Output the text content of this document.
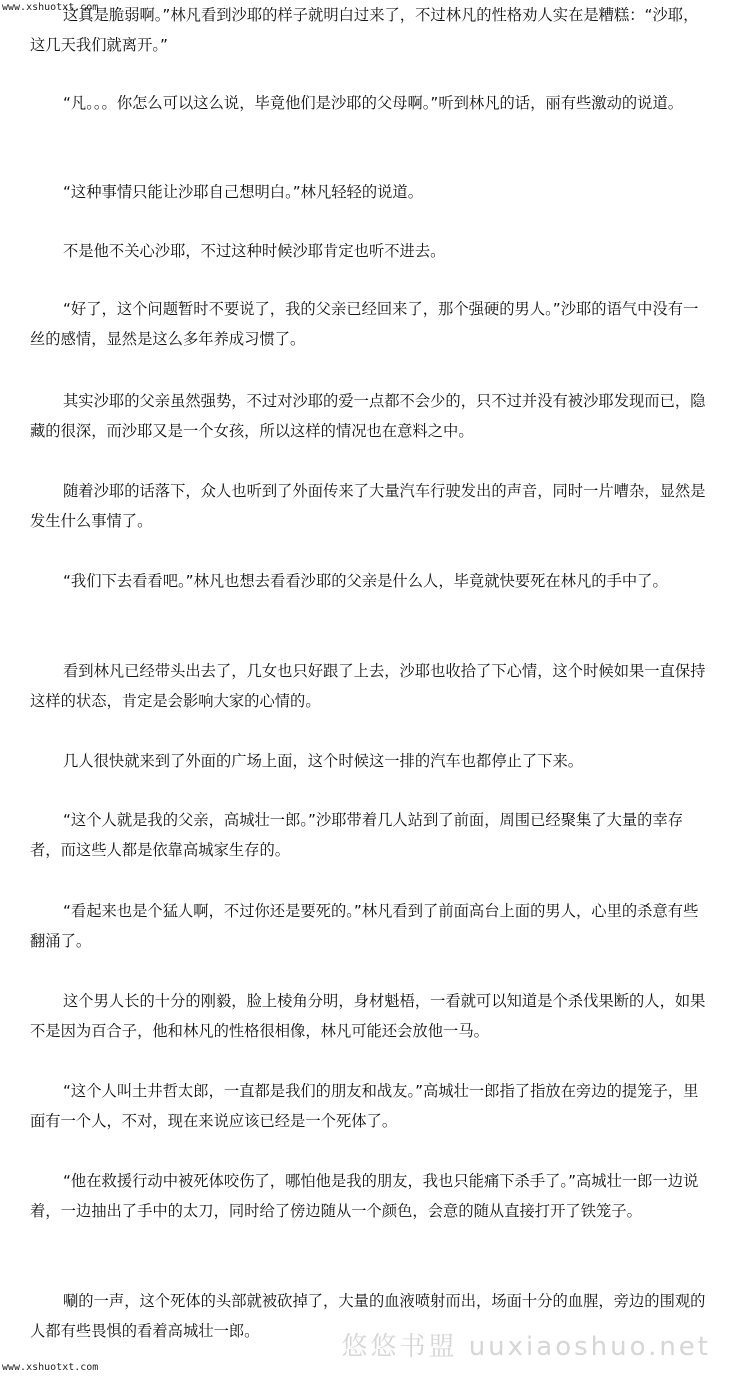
www.xshuotxt.com

这真是脆弱啊。”林凡看到沙耶的样子就明白过来了，不过林凡的性格劝人实在是糟糕：“沙耶，这几天我们就离开。”

“凡。。。你怎么可以这么说，毕竟他们是沙耶的父母啊。”听到林凡的话，丽有些激动的说道。

“这种事情只能让沙耶自己想明白。”林凡轻轻的说道。

不是他不关心沙耶，不过这种时候沙耶肯定也听不进去。

“好了，这个问题暂时不要说了，我的父亲已经回来了，那个强硬的男人。”沙耶的语气中没有一丝的感情，显然是这么多年养成习惯了。

其实沙耶的父亲虽然强势，不过对沙耶的爱一点都不会少的，只不过并没有被沙耶发现而已，隐藏的很深，而沙耶又是一个女孩，所以这样的情况也在意料之中。

随着沙耶的话落下，众人也听到了外面传来了大量汽车行驶发出的声音，同时一片嘈杂，显然是发生什么事情了。

“我们下去看看吧。”林凡也想去看看沙耶的父亲是什么人，毕竟就快要死在林凡的手中了。

看到林凡已经带头出去了，几女也只好跟了上去，沙耶也收拾了下心情，这个时候如果一直保持这样的状态，肯定是会影响大家的心情的。

几人很快就来到了外面的广场上面，这个时候这一排的汽车也都停止了下来。

“这个人就是我的父亲，高城壮一郎。”沙耶带着几人站到了前面，周围已经聚集了大量的幸存者，而这些人都是依靠高城家生存的。

“看起来也是个猛人啊，不过你还是要死的。”林凡看到了前面高台上面的男人，心里的杀意有些翻涌了。

这个男人长的十分的刚毅，脸上棱角分明，身材魁梧，一看就可以知道是个杀伐果断的人，如果不是因为百合子，他和林凡的性格很相像，林凡可能还会放他一马。

“这个人叫土井哲太郎，一直都是我们的朋友和战友。”高城壮一郎指了指放在旁边的提笼子，里面有一个人，不对，现在来说应该已经是一个死体了。

“他在救援行动中被死体咬伤了，哪怕他是我的朋友，我也只能痛下杀手了。”高城壮一郎一边说着，一边抽出了手中的太刀，同时给了傍边随从一个颜色，会意的随从直接打开了铁笼子。

唰的一声，这个死体的头部就被砍掉了，大量的血液喷射而出，场面十分的血腥，旁边的围观的人都有些畏惧的看着高城壮一郎。

悠悠书盟 uuxiaoshuo.net
www.xshuotxt.com
